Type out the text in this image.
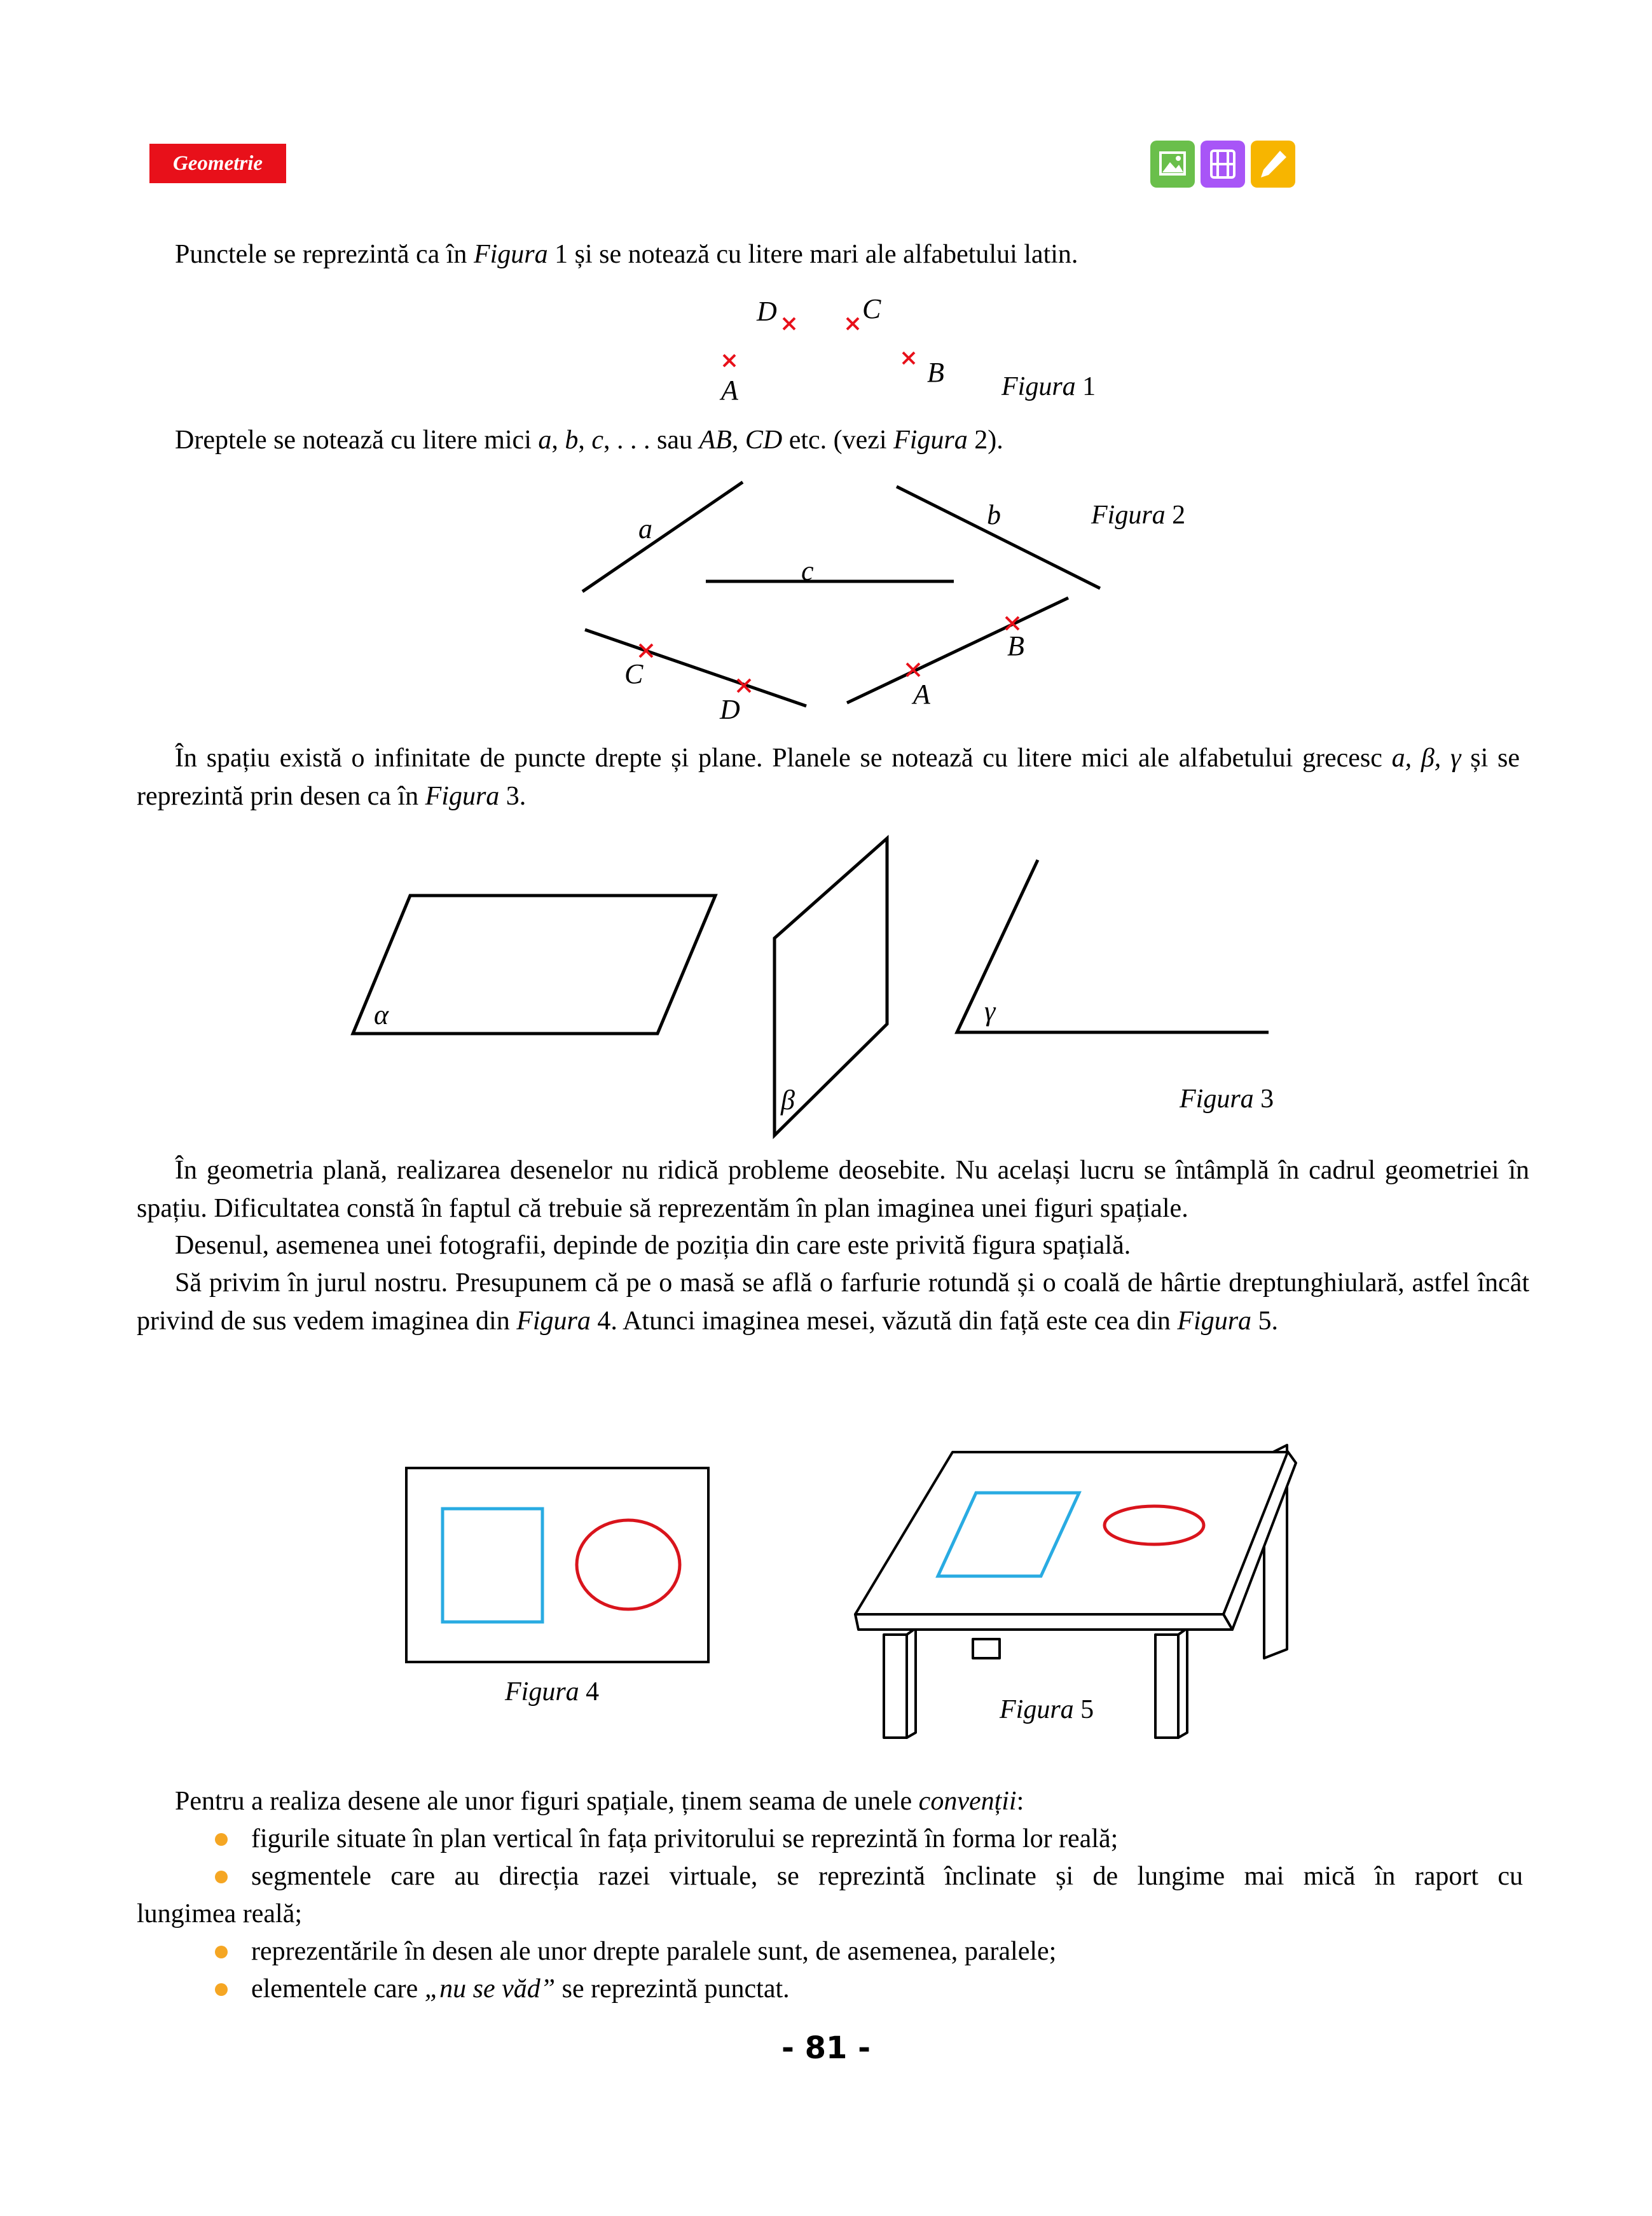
Geometrie
Punctele se reprezintă ca în Figura 1 și se notează cu litere mari ale alfabetului latin.
D	C
A
B Figura 1
Dreptele se notează cu litere mici a, b, c, . . . sau AB, CD etc. (vezi Figura 2).
a	b
c
C
D	A
B
Figura 2
În spațiu există o infinitate de puncte drepte și plane. Planele se notează cu litere mici ale alfabetului grecesc a, β, γ și se reprezintă prin desen ca în Figura 3.
α
β
γ
Figura 3
În geometria plană, realizarea desenelor nu ridică probleme deosebite. Nu același lucru se întâmplă în cadrul geometriei în spațiu. Dificultatea constă în faptul că trebuie să reprezentăm în plan imaginea unei figuri spațiale.
Desenul, asemenea unei fotografii, depinde de poziția din care este privită figura spațială.
Să privim în jurul nostru. Presupunem că pe o masă se află o farfurie rotundă și o coală de hârtie dreptunghiulară, astfel încât privind de sus vedem imaginea din Figura 4. Atunci imaginea mesei, văzută din față este cea din Figura 5.
Figura 4
Figura 5
Pentru a realiza desene ale unor figuri spațiale, ținem seama de unele convenții:
figurile situate în plan vertical în fața privitorului se reprezintă în forma lor reală;
segmentele care au direcția razei virtuale, se reprezintă înclinate și de lungime mai mică în raport cu
lungimea reală;
reprezentările în desen ale unor drepte paralele sunt, de asemenea, paralele;
elementele care „nu se văd” se reprezintă punctat.
- 81 -
